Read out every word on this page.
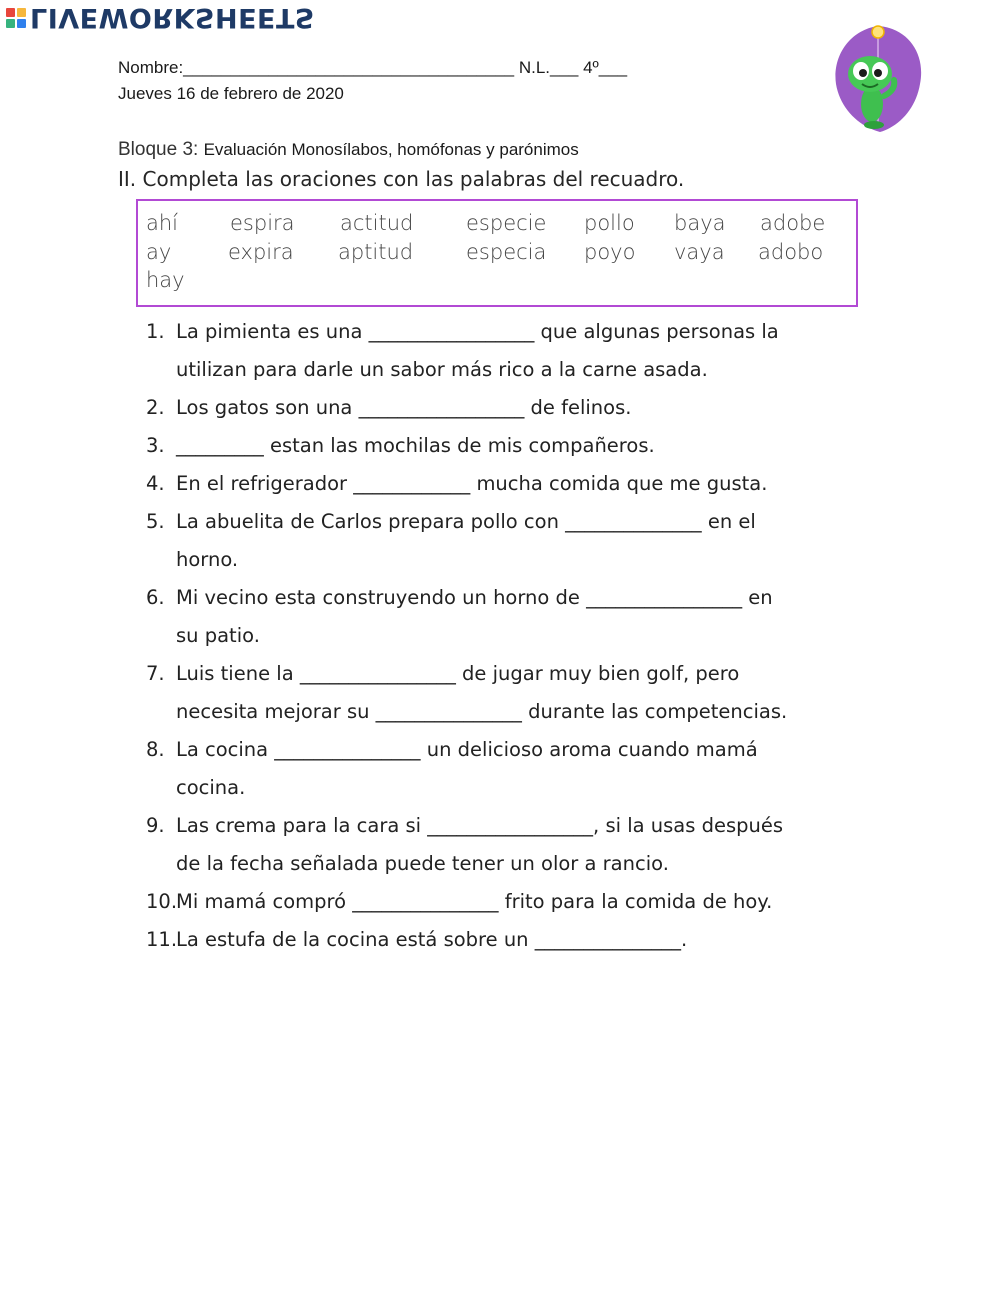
LIVEWORKSHEETS
Nombre:___________________________________ N.L.___ 4º___
Jueves 16 de febrero de 2020
Bloque 3: Evaluación Monosílabos, homófonas y parónimos
II. Completa las oraciones con las palabras del recuadro.
ahí
ay
hay
espira
expira
actitud
aptitud
especie
especia
pollo
poyo
baya
vaya
adobe
adobo
1. La pimienta es una _________________ que algunas personas la
utilizan para darle un sabor más rico a la carne asada.
2. Los gatos son una _________________ de felinos.
3. _________ estan las mochilas de mis compañeros.
4. En el refrigerador ____________ mucha comida que me gusta.
5. La abuelita de Carlos prepara pollo con ______________ en el
horno.
6. Mi vecino esta construyendo un horno de ________________ en
su patio.
7. Luis tiene la ________________ de jugar muy bien golf, pero
necesita mejorar su _______________ durante las competencias.
8. La cocina _______________ un delicioso aroma cuando mamá
cocina.
9. Las crema para la cara si _________________, si la usas después
de la fecha señalada puede tener un olor a rancio.
10.
Mi mamá compró _______________ frito para la comida de hoy.
11.
La estufa de la cocina está sobre un _______________.
